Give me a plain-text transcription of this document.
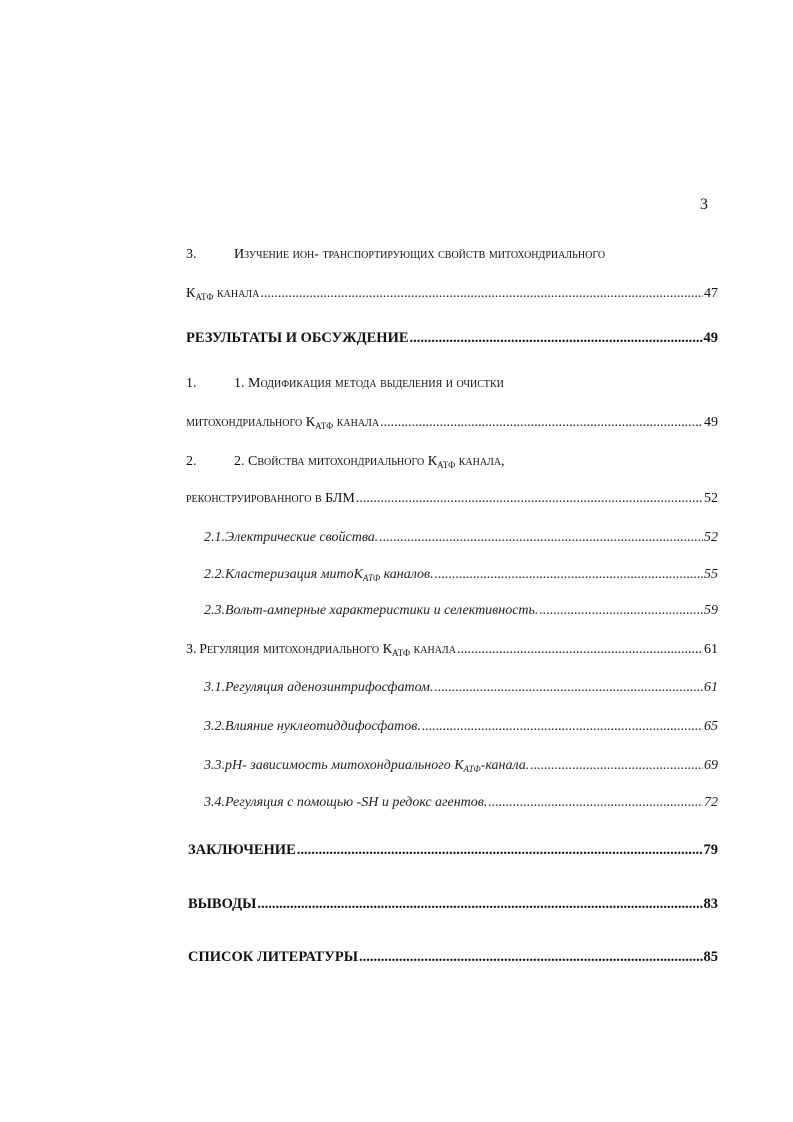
3
3.	Изучение ион- транспортирующих свойств митохондриального
$К_{АТФ}$ канала .....	47
РЕЗУЛЬТАТЫ И ОБСУЖДЕНИЕ .....	49
1.	1. Модификация метода выделения и очистки
митохондриального $К_{АТФ}$ канала .....	49
2.	2. Свойства митохондриального $К_{АТФ}$ канала,
реконструированного в БЛМ .....	52
2.1. Электрические свойства. .....	52
2.2. Кластеризация митоК$_{АТФ}$ каналов. .....	55
2.3. Вольт-амперные характеристики и селективность. .....	59
3. Регуляция митохондриального $К_{АТФ}$ канала .....	61
3.1. Регуляция аденозинтрифосфатом. .....	61
3.2. Влияние нуклеотиддифосфатов. .....	65
3.3. pH- зависимость митохондриального $К_{АТФ}$-канала. .....	69
3.4. Регуляция с помощью -SH и редокс агентов. .....	72
ЗАКЛЮЧЕНИЕ .....	79
ВЫВОДЫ .....	83
СПИСОК ЛИТЕРАТУРЫ .....	85
